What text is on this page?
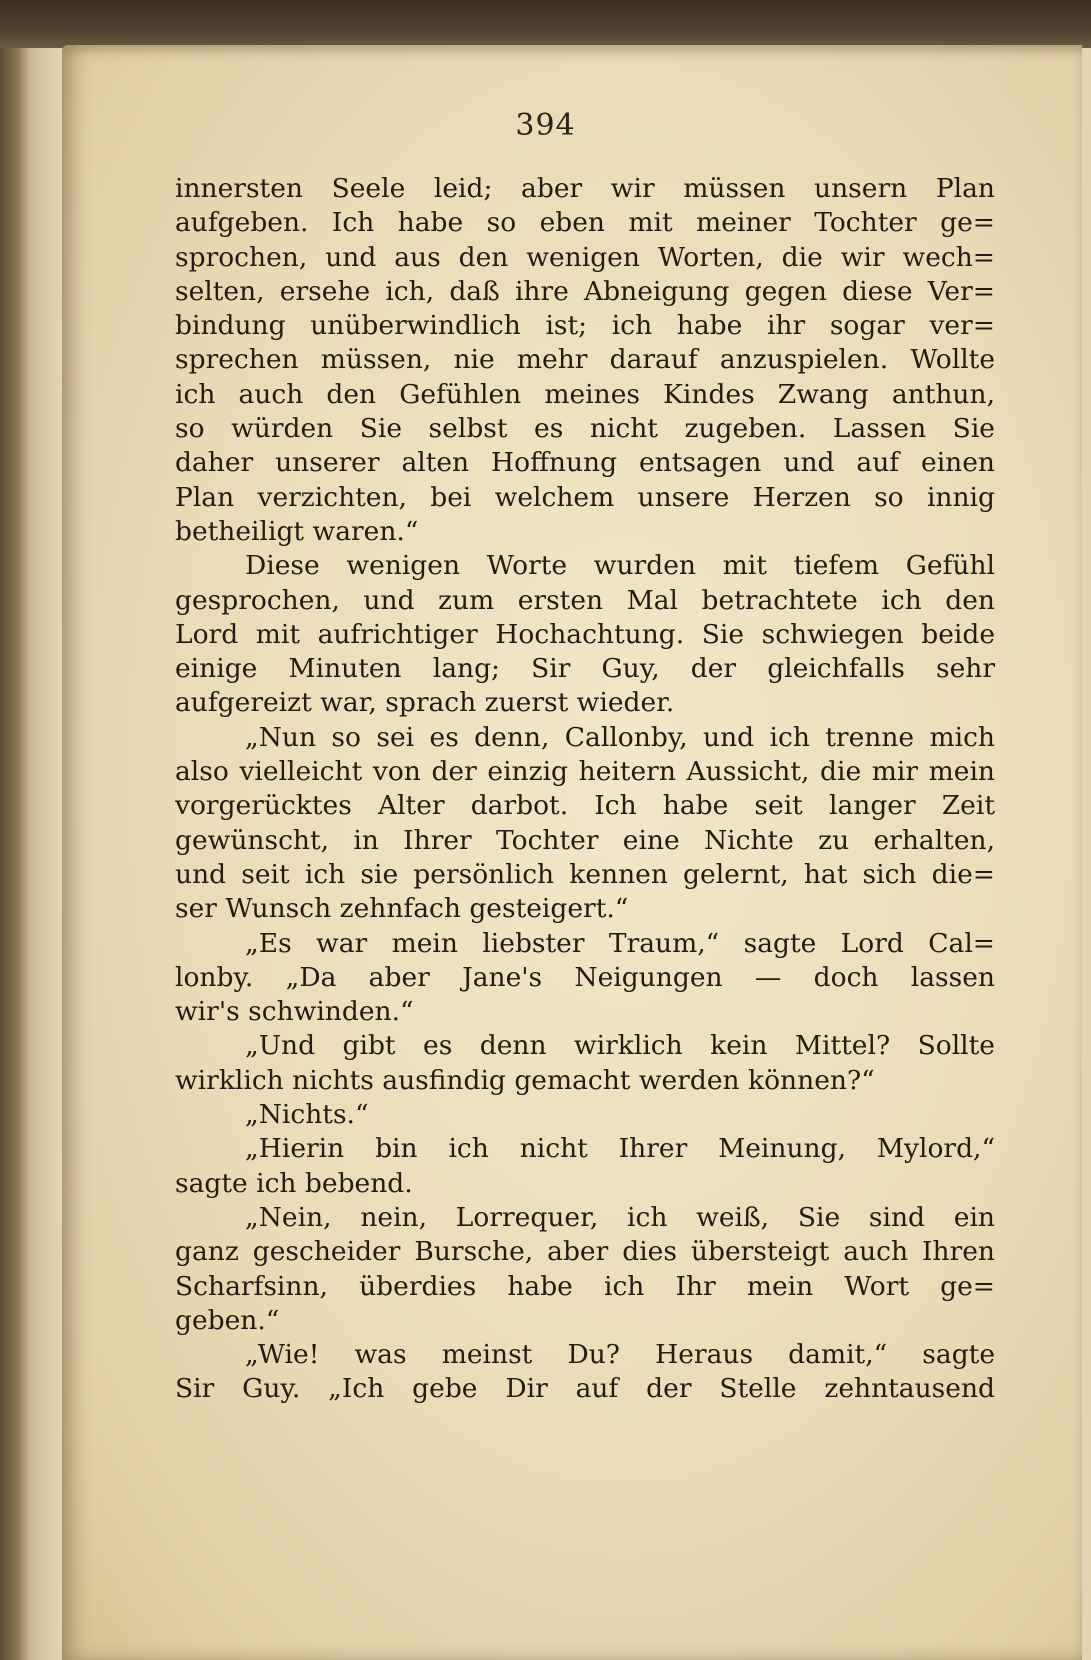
394
innersten Seele leid; aber wir müssen unsern Plan
aufgeben. Ich habe so eben mit meiner Tochter ge=
sprochen, und aus den wenigen Worten, die wir wech=
selten, ersehe ich, daß ihre Abneigung gegen diese Ver=
bindung unüberwindlich ist; ich habe ihr sogar ver=
sprechen müssen, nie mehr darauf anzuspielen. Wollte
ich auch den Gefühlen meines Kindes Zwang anthun,
so würden Sie selbst es nicht zugeben. Lassen Sie
daher unserer alten Hoffnung entsagen und auf einen
Plan verzichten, bei welchem unsere Herzen so innig
betheiligt waren.“
Diese wenigen Worte wurden mit tiefem Gefühl
gesprochen, und zum ersten Mal betrachtete ich den
Lord mit aufrichtiger Hochachtung. Sie schwiegen beide
einige Minuten lang; Sir Guy, der gleichfalls sehr
aufgereizt war, sprach zuerst wieder.
„Nun so sei es denn, Callonby, und ich trenne mich
also vielleicht von der einzig heitern Aussicht, die mir mein
vorgerücktes Alter darbot. Ich habe seit langer Zeit
gewünscht, in Ihrer Tochter eine Nichte zu erhalten,
und seit ich sie persönlich kennen gelernt, hat sich die=
ser Wunsch zehnfach gesteigert.“
„Es war mein liebster Traum,“ sagte Lord Cal=
lonby. „Da aber Jane's Neigungen — doch lassen
wir's schwinden.“
„Und gibt es denn wirklich kein Mittel? Sollte
wirklich nichts ausfindig gemacht werden können?“
„Nichts.“
„Hierin bin ich nicht Ihrer Meinung, Mylord,“
sagte ich bebend.
„Nein, nein, Lorrequer, ich weiß, Sie sind ein
ganz gescheider Bursche, aber dies übersteigt auch Ihren
Scharfsinn, überdies habe ich Ihr mein Wort ge=
geben.“
„Wie! was meinst Du? Heraus damit,“ sagte
Sir Guy. „Ich gebe Dir auf der Stelle zehntausend
